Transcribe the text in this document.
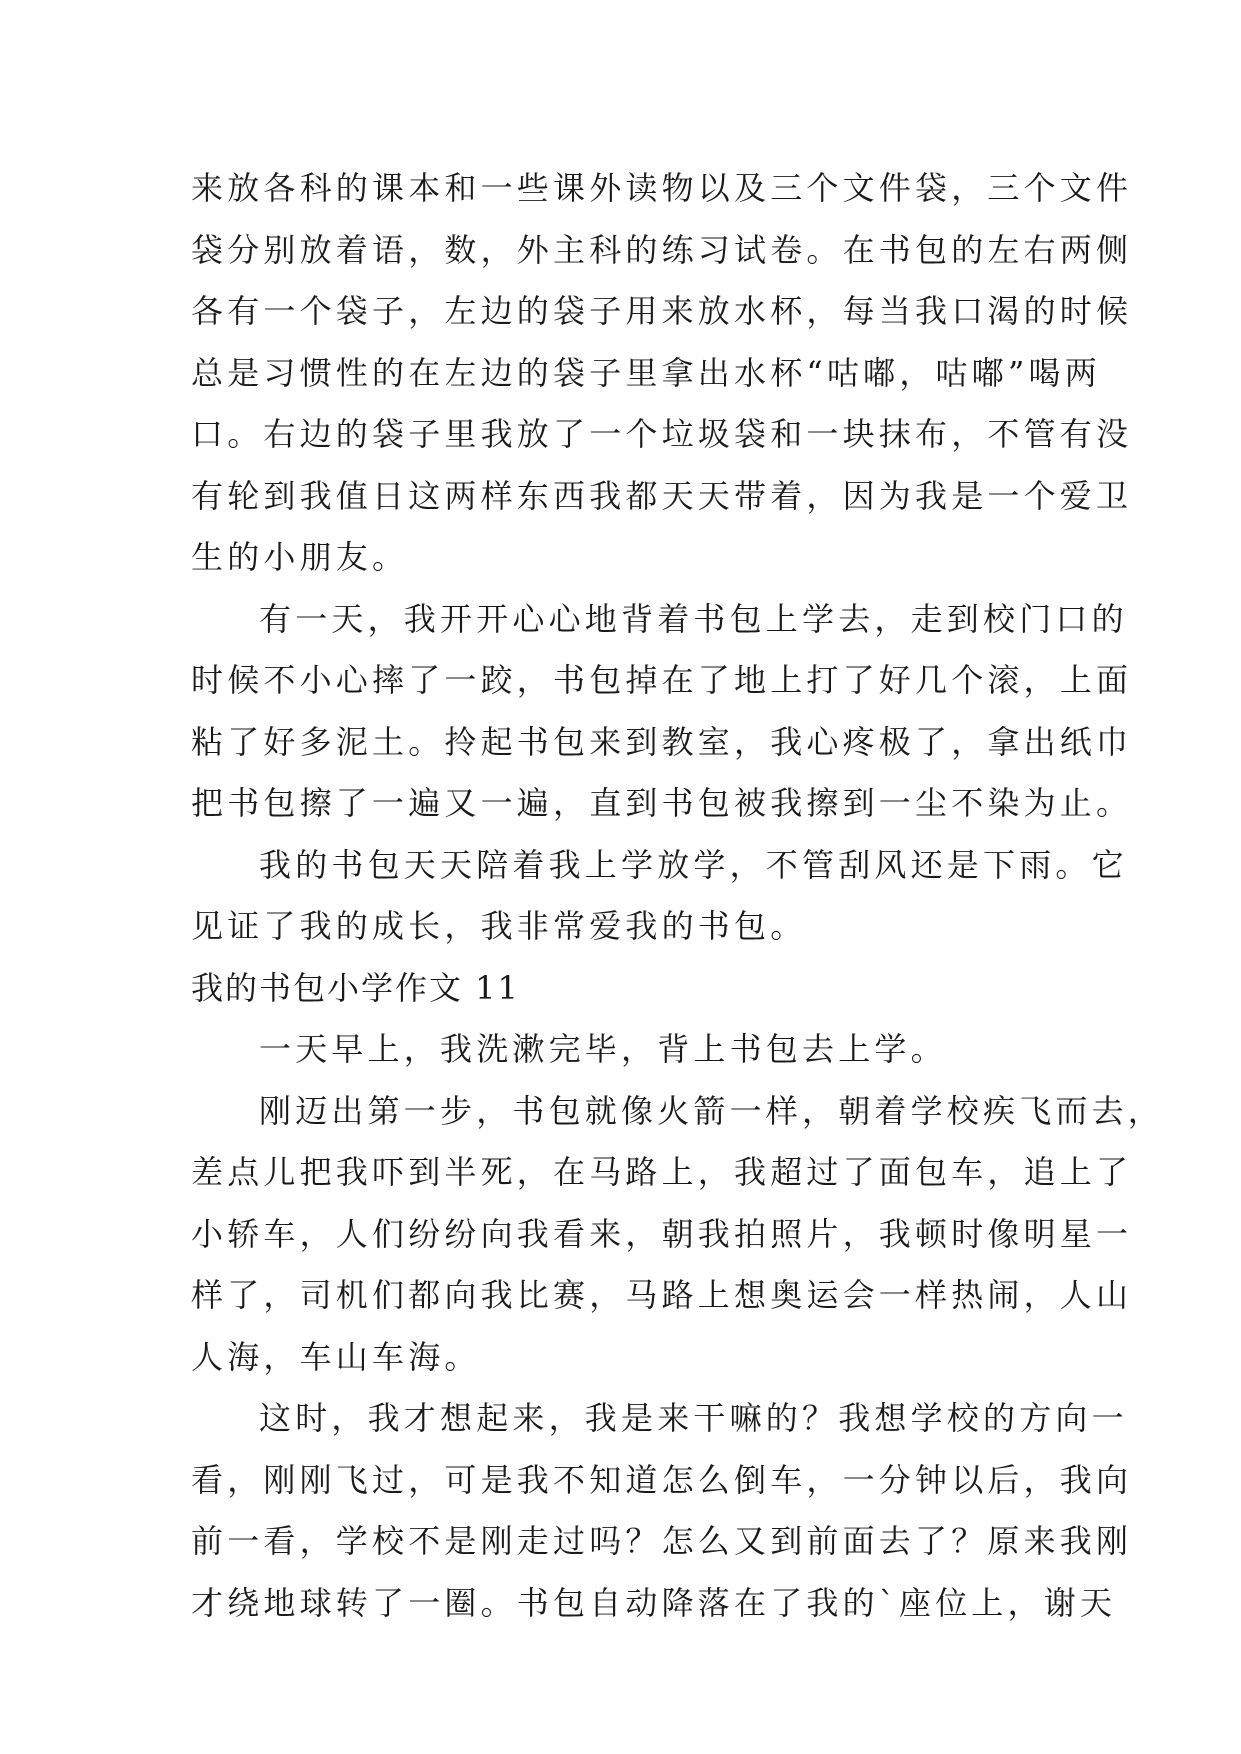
来放各科的课本和一些课外读物以及三个文件袋，三个文件
袋分别放着语，数，外主科的练习试卷。在书包的左右两侧
各有一个袋子，左边的袋子用来放水杯，每当我口渴的时候
总是习惯性的在左边的袋子里拿出水杯“咕嘟，咕嘟”喝两
口。右边的袋子里我放了一个垃圾袋和一块抹布，不管有没
有轮到我值日这两样东西我都天天带着，因为我是一个爱卫
生的小朋友。
有一天，我开开心心地背着书包上学去，走到校门口的
时候不小心摔了一跤，书包掉在了地上打了好几个滚，上面
粘了好多泥土。拎起书包来到教室，我心疼极了，拿出纸巾
把书包擦了一遍又一遍，直到书包被我擦到一尘不染为止。
我的书包天天陪着我上学放学，不管刮风还是下雨。它
见证了我的成长，我非常爱我的书包。
我的书包小学作文 11
一天早上，我洗漱完毕，背上书包去上学。
刚迈出第一步，书包就像火箭一样，朝着学校疾飞而去，
差点儿把我吓到半死，在马路上，我超过了面包车，追上了
小轿车，人们纷纷向我看来，朝我拍照片，我顿时像明星一
样了，司机们都向我比赛，马路上想奥运会一样热闹，人山
人海，车山车海。
这时，我才想起来，我是来干嘛的？我想学校的方向一
看，刚刚飞过，可是我不知道怎么倒车，一分钟以后，我向
前一看，学校不是刚走过吗？怎么又到前面去了？原来我刚
才绕地球转了一圈。书包自动降落在了我的`座位上，谢天
